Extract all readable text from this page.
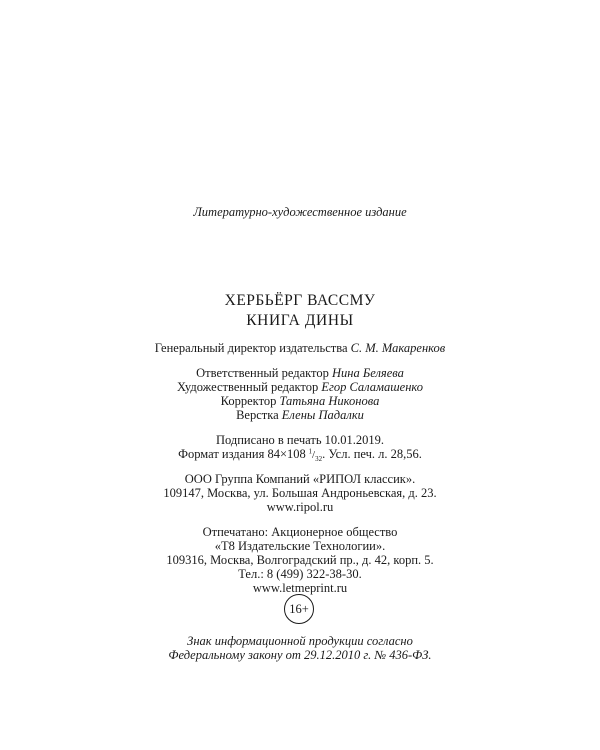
Литературно-художественное издание
ХЕРБЬЁРГ ВАССМУ
КНИГА ДИНЫ
Генеральный директор издательства С. М. Макаренков
Ответственный редактор Нина Беляева
Художественный редактор Егор Саламашенко
Корректор Татьяна Никонова
Верстка Елены Падалки
Подписано в печать 10.01.2019.
Формат издания 84×108 $^1/_{32}$. Усл. печ. л. 28,56.
ООО Группа Компаний «РИПОЛ классик».
109147, Москва, ул. Большая Андроньевская, д. 23.
www.ripol.ru
Отпечатано: Акционерное общество
«Т8 Издательские Технологии».
109316, Москва, Волгоградский пр., д. 42, корп. 5.
Тел.: 8 (499) 322-38-30.
www.letmeprint.ru
16+
Знак информационной продукции согласно
Федеральному закону от 29.12.2010 г. № 436-ФЗ.
